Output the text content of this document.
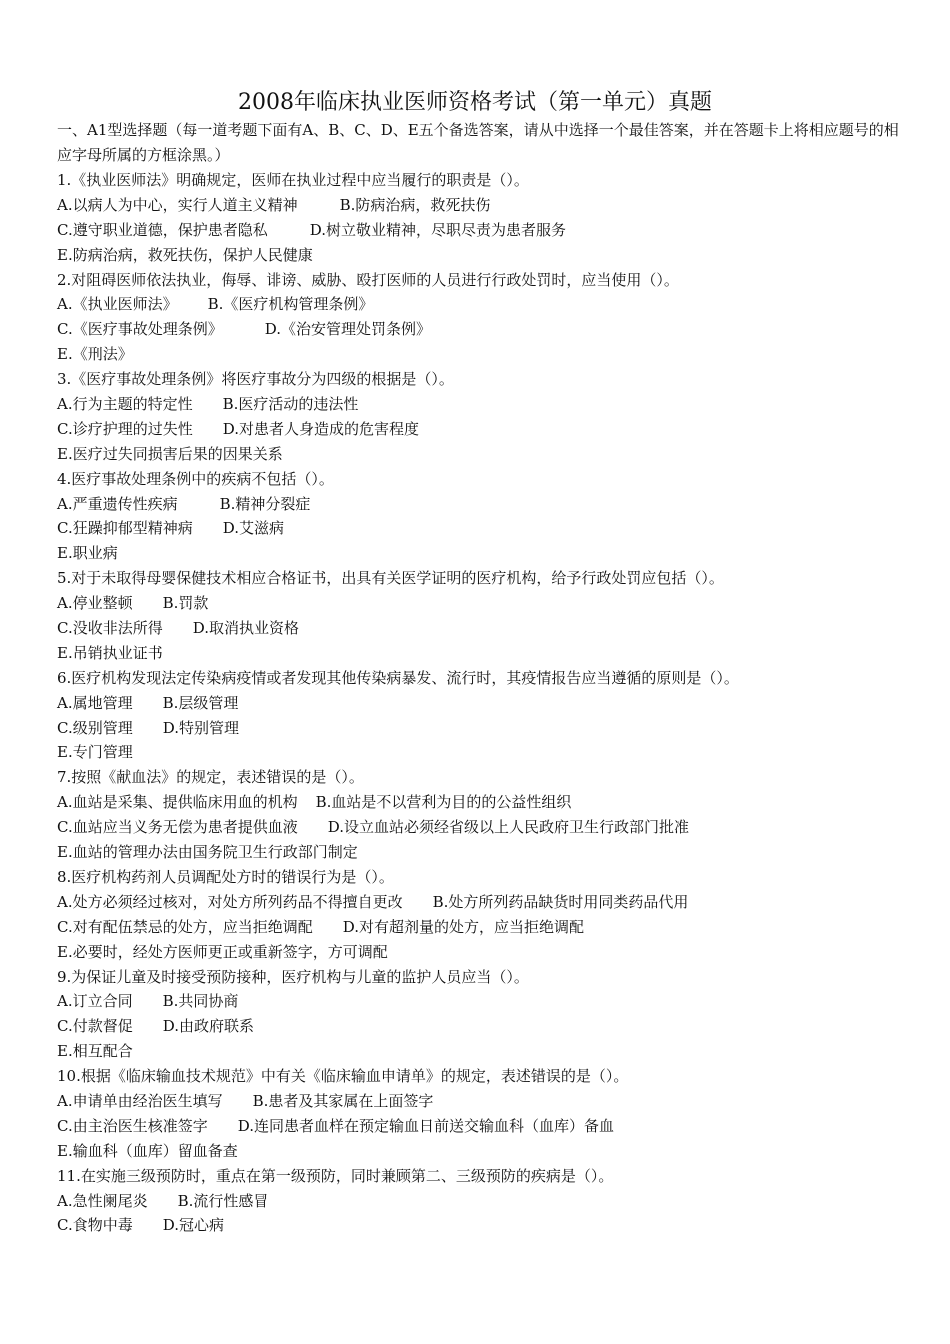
2008年临床执业医师资格考试（第一单元）真题
一、A1型选择题（每一道考题下面有A、B、C、D、E五个备选答案，请从中选择一个最佳答案，并在答题卡上将相应题号的相应字母所属的方框涂黑。）
1.《执业医师法》明确规定，医师在执业过程中应当履行的职责是（）。
A.以病人为中心，实行人道主义精神	B.防病治病，救死扶伤
C.遵守职业道德，保护患者隐私	D.树立敬业精神，尽职尽责为患者服务
E.防病治病，救死扶伤，保护人民健康
2.对阻碍医师依法执业，侮辱、诽谤、威胁、殴打医师的人员进行行政处罚时，应当使用（）。
A.《执业医师法》 B.《医疗机构管理条例》
C.《医疗事故处理条例》	D.《治安管理处罚条例》
E.《刑法》
3.《医疗事故处理条例》将医疗事故分为四级的根据是（）。
A.行为主题的特定性 B.医疗活动的违法性
C.诊疗护理的过失性 D.对患者人身造成的危害程度
E.医疗过失同损害后果的因果关系
4.医疗事故处理条例中的疾病不包括（）。
A.严重遗传性疾病	B.精神分裂症
C.狂躁抑郁型精神病 D.艾滋病
E.职业病
5.对于未取得母婴保健技术相应合格证书，出具有关医学证明的医疗机构，给予行政处罚应包括（）。
A.停业整顿 B.罚款
C.没收非法所得 D.取消执业资格
E.吊销执业证书
6.医疗机构发现法定传染病疫情或者发现其他传染病暴发、流行时，其疫情报告应当遵循的原则是（）。
A.属地管理 B.层级管理
C.级别管理 D.特别管理
E.专门管理
7.按照《献血法》的规定，表述错误的是（）。
A.血站是采集、提供临床用血的机构 B.血站是不以营利为目的的公益性组织
C.血站应当义务无偿为患者提供血液 D.设立血站必须经省级以上人民政府卫生行政部门批准
E.血站的管理办法由国务院卫生行政部门制定
8.医疗机构药剂人员调配处方时的错误行为是（）。
A.处方必须经过核对，对处方所列药品不得擅自更改 B.处方所列药品缺货时用同类药品代用
C.对有配伍禁忌的处方，应当拒绝调配 D.对有超剂量的处方，应当拒绝调配
E.必要时，经处方医师更正或重新签字，方可调配
9.为保证儿童及时接受预防接种，医疗机构与儿童的监护人员应当（）。
A.订立合同 B.共同协商
C.付款督促 D.由政府联系
E.相互配合
10.根据《临床输血技术规范》中有关《临床输血申请单》的规定，表述错误的是（）。
A.申请单由经治医生填写 B.患者及其家属在上面签字
C.由主治医生核准签字 D.连同患者血样在预定输血日前送交输血科（血库）备血
E.输血科（血库）留血备查
11.在实施三级预防时，重点在第一级预防，同时兼顾第二、三级预防的疾病是（）。
A.急性阑尾炎 B.流行性感冒
C.食物中毒 D.冠心病
